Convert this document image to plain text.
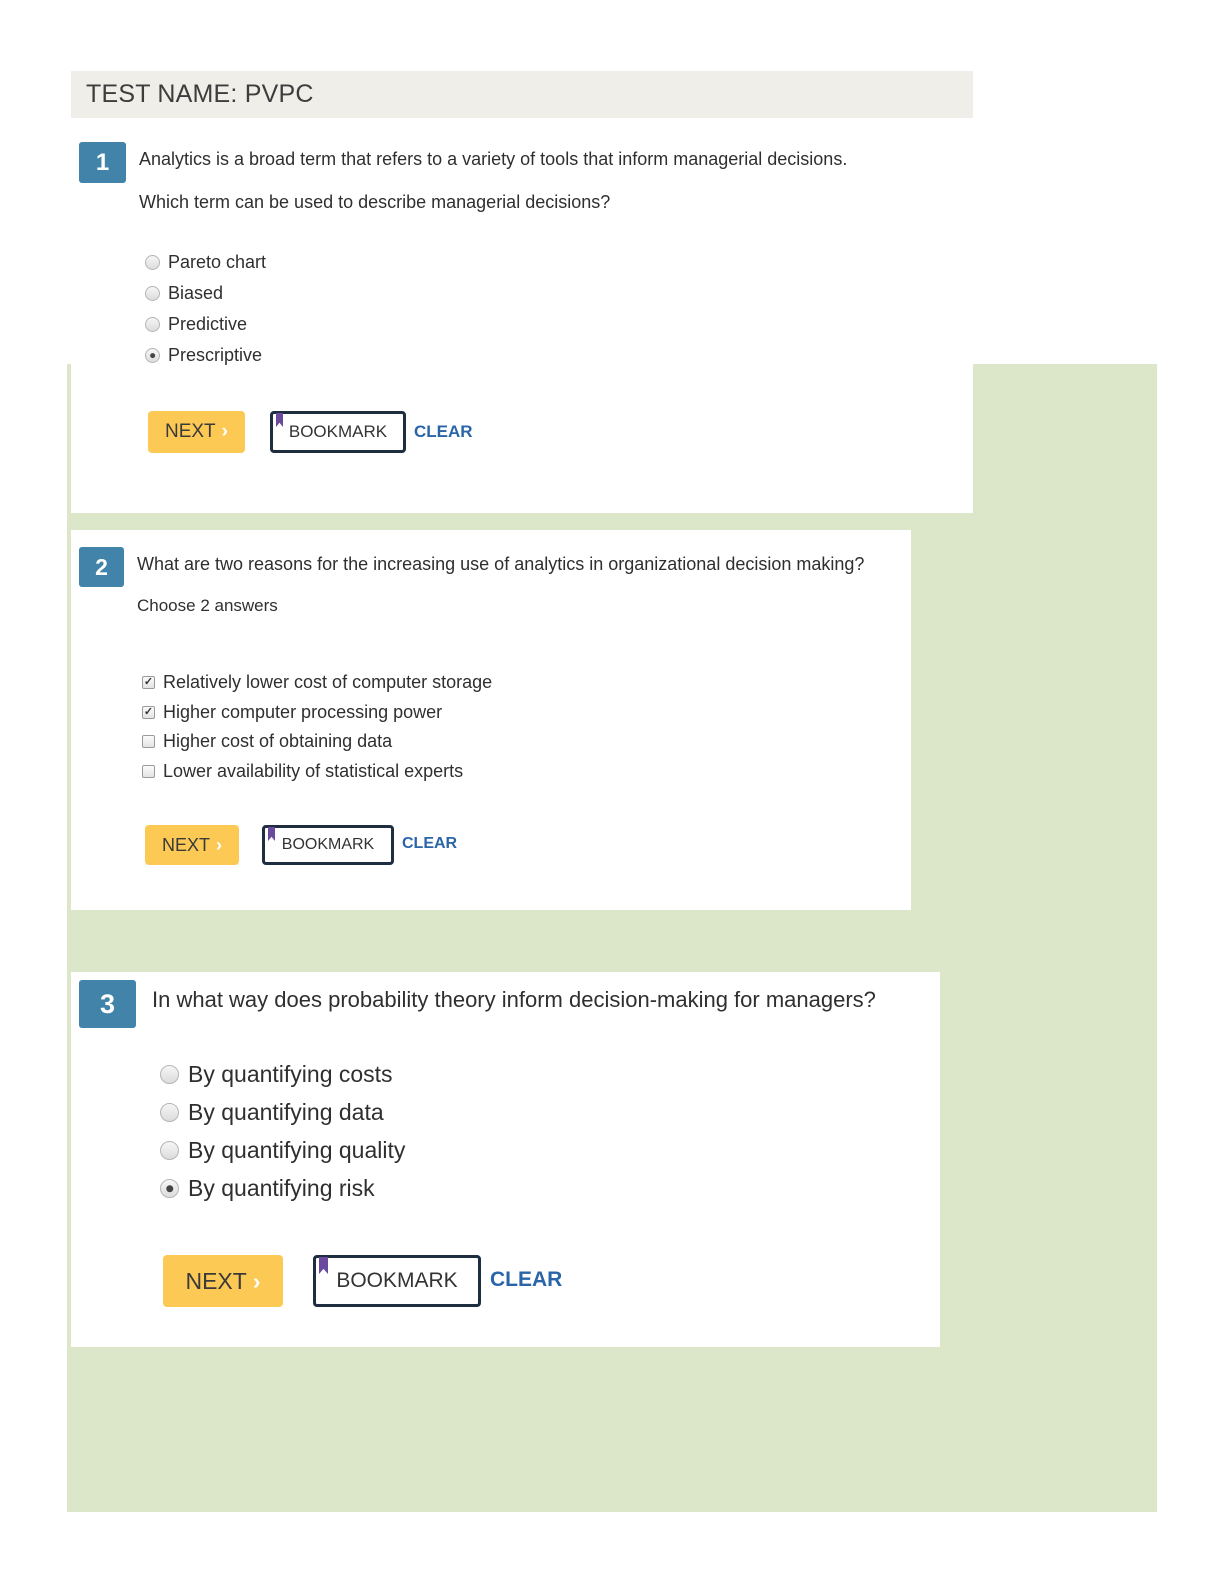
TEST NAME: PVPC
1	Analytics is a broad term that refers to a variety of tools that inform managerial decisions.
Which term can be used to describe managerial decisions?
Pareto chart
Biased
Predictive
Prescriptive
NEXT ›	BOOKMARK CLEAR
2	What are two reasons for the increasing use of analytics in organizational decision making?
Choose 2 answers
✓ Relatively lower cost of computer storage
✓ Higher computer processing power
Higher cost of obtaining data
Lower availability of statistical experts
NEXT ›	BOOKMARK CLEAR
3	In what way does probability theory inform decision-making for managers?
By quantifying costs
By quantifying data
By quantifying quality
By quantifying risk
NEXT ›	BOOKMARK CLEAR
